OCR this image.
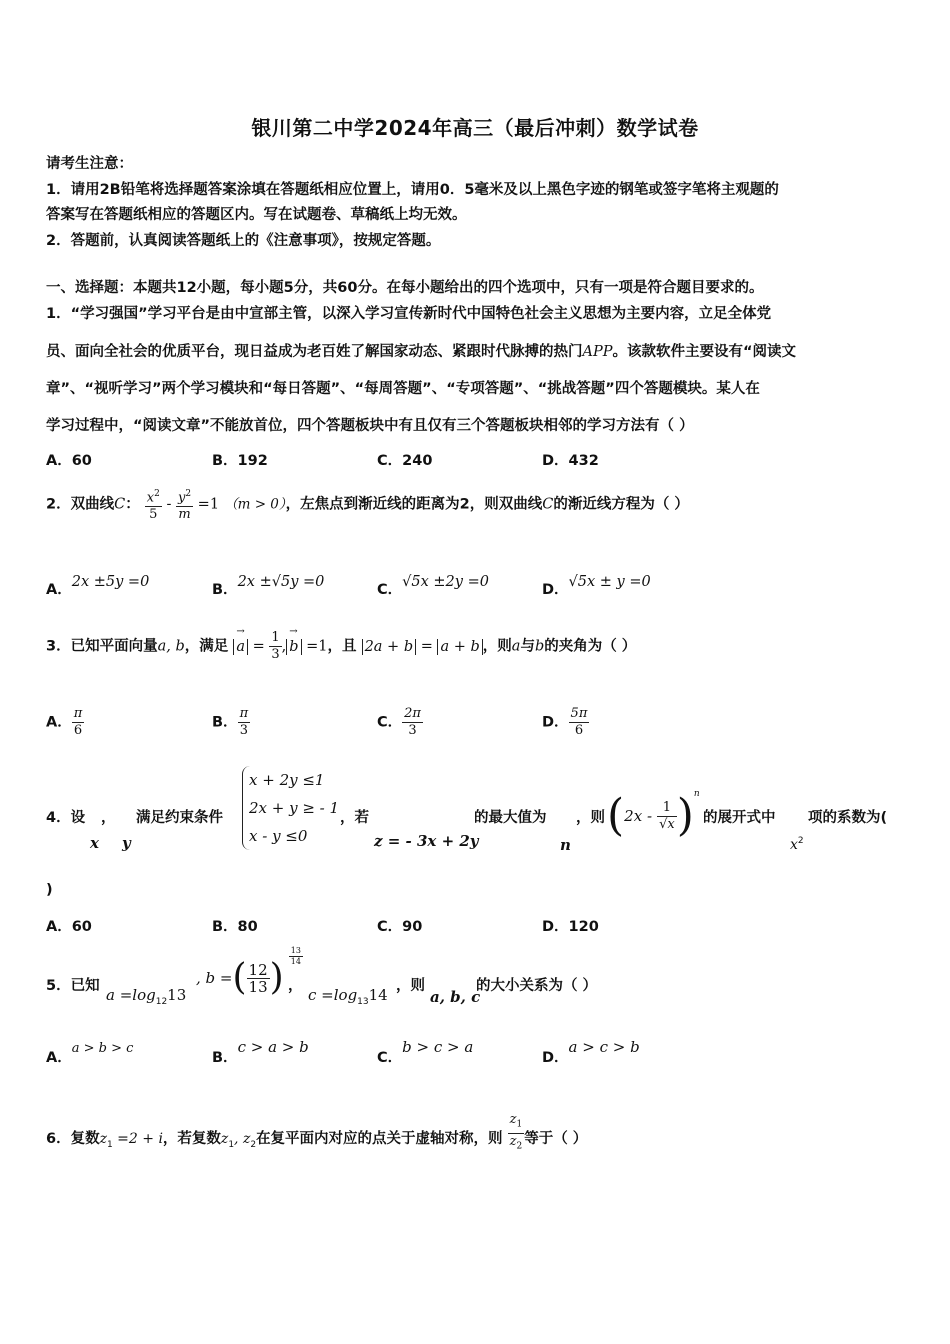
银川第二中学2024年高三（最后冲刺）数学试卷
请考生注意：
1．请用2B铅笔将选择题答案涂填在答题纸相应位置上，请用0．5毫米及以上黑色字迹的钢笔或签字笔将主观题的
答案写在答题纸相应的答题区内。写在试题卷、草稿纸上均无效。
2．答题前，认真阅读答题纸上的《注意事项》，按规定答题。
一、选择题：本题共12小题，每小题5分，共60分。在每小题给出的四个选项中，只有一项是符合题目要求的。
1．“学习强国”学习平台是由中宣部主管，以深入学习宣传新时代中国特色社会主义思想为主要内容，立足全体党
员、面向全社会的优质平台，现日益成为老百姓了解国家动态、紧跟时代脉搏的热门APP。该款软件主要设有“阅读文
章”、“视听学习”两个学习模块和“每日答题”、“每周答题”、“专项答题”、“挑战答题”四个答题模块。某人在
学习过程中，“阅读文章”不能放首位，四个答题板块中有且仅有三个答题板块相邻的学习方法有（ ）
A．60	B．192	C．240	D．432
2．双曲线C： $\frac{x^2}{5} - \frac{y^2}{m} =1$ （m > 0），左焦点到渐近线的距离为2，则双曲线C的渐近线方程为（ ）
A．2x ±5y =0	B．2x ±√5y =0	C．√5x ±2y =0	D．√5x ± y =0
3．已知平面向量a, b，满足 → $a = \frac{1}{3}$ , → b =1，且 2a + b = a + b ，则a与b的夹角为（ ）
A． $\frac{\pi}{6}$	B． $\frac{\pi}{3}$	C． $\frac{2\pi}{3}$	D． $\frac{5\pi}{6}$
4．设 ，
x y
满足约束条件
x + 2y ≤1
2x + y ≥ - 1
x - y ≤0
，若
z = - 3x + 2y
的最大值为
n
，则 $(2x - \frac{1}{√x} )^n$
的展开式中
$x^2$
项的系数为(
)
A．60	B．80	C．90	D．120
5．已知 $a =\log_{12}13$
, b =( $\frac{12}{13}$ )
$\frac{13}{14}$
， $c =\log_{13}14$ ，则
a, b, c
的大小关系为（ ）
A．a > b > c
B．c > a > b
C．b > c > a
D．a > c > b
6．复数$z_1 =2 + i$，若复数$z_1$, $z_2$在复平面内对应的点关于虚轴对称，则 $\frac{z_1}{z_2}$ 等于（ ）
